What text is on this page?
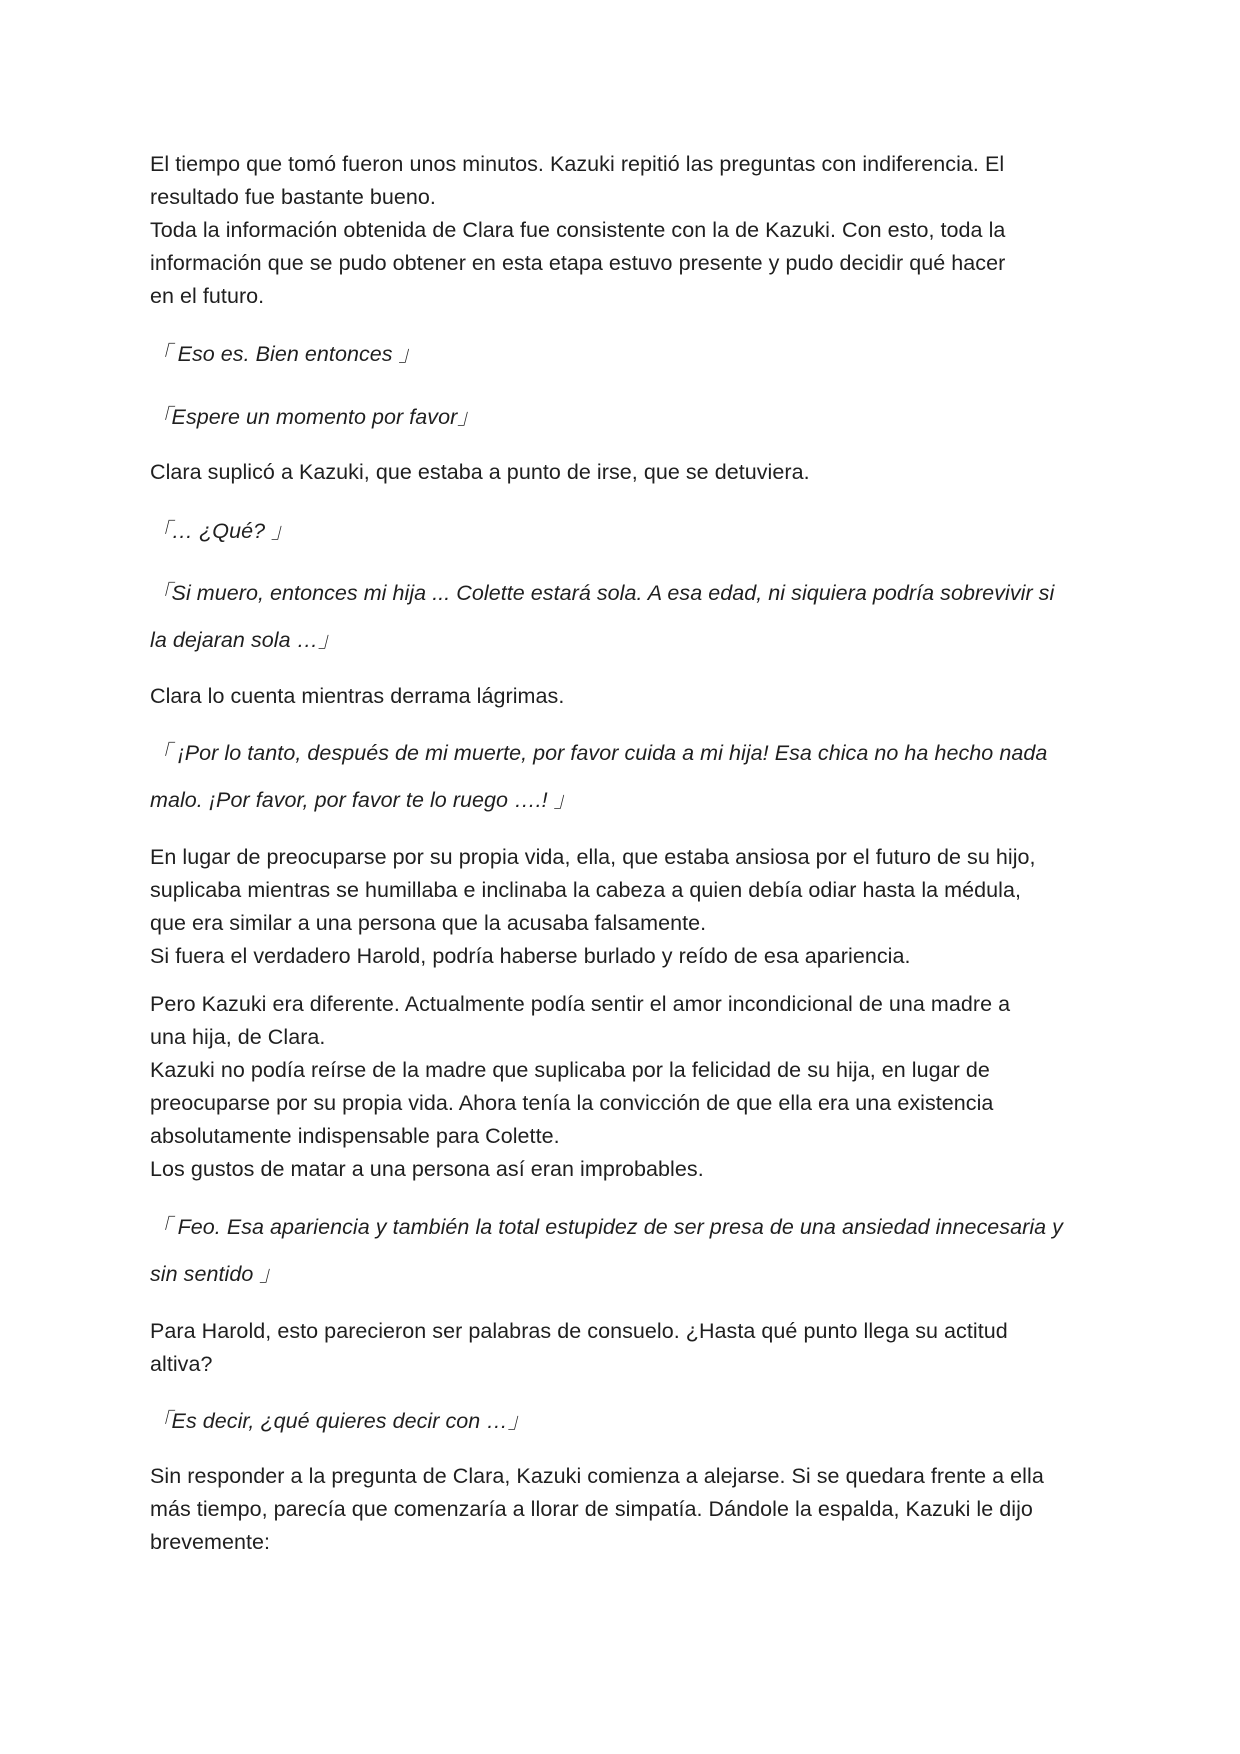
El tiempo que tomó fueron unos minutos. Kazuki repitió las preguntas con indiferencia. El
resultado fue bastante bueno.
Toda la información obtenida de Clara fue consistente con la de Kazuki. Con esto, toda la
información que se pudo obtener en esta etapa estuvo presente y pudo decidir qué hacer
en el futuro.
「 Eso es. Bien entonces 」
「Espere un momento por favor」
Clara suplicó a Kazuki, que estaba a punto de irse, que se detuviera.
「… ¿Qué? 」
「Si muero, entonces mi hija ... Colette estará sola. A esa edad, ni siquiera podría sobrevivir si
la dejaran sola …」
Clara lo cuenta mientras derrama lágrimas.
「 ¡Por lo tanto, después de mi muerte, por favor cuida a mi hija! Esa chica no ha hecho nada
malo. ¡Por favor, por favor te lo ruego ….! 」
En lugar de preocuparse por su propia vida, ella, que estaba ansiosa por el futuro de su hijo,
suplicaba mientras se humillaba e inclinaba la cabeza a quien debía odiar hasta la médula,
que era similar a una persona que la acusaba falsamente.
Si fuera el verdadero Harold, podría haberse burlado y reído de esa apariencia.
Pero Kazuki era diferente. Actualmente podía sentir el amor incondicional de una madre a
una hija, de Clara.
Kazuki no podía reírse de la madre que suplicaba por la felicidad de su hija, en lugar de
preocuparse por su propia vida. Ahora tenía la convicción de que ella era una existencia
absolutamente indispensable para Colette.
Los gustos de matar a una persona así eran improbables.
「 Feo. Esa apariencia y también la total estupidez de ser presa de una ansiedad innecesaria y
sin sentido 」
Para Harold, esto parecieron ser palabras de consuelo. ¿Hasta qué punto llega su actitud
altiva?
「Es decir, ¿qué quieres decir con …」
Sin responder a la pregunta de Clara, Kazuki comienza a alejarse. Si se quedara frente a ella
más tiempo, parecía que comenzaría a llorar de simpatía. Dándole la espalda, Kazuki le dijo
brevemente:
